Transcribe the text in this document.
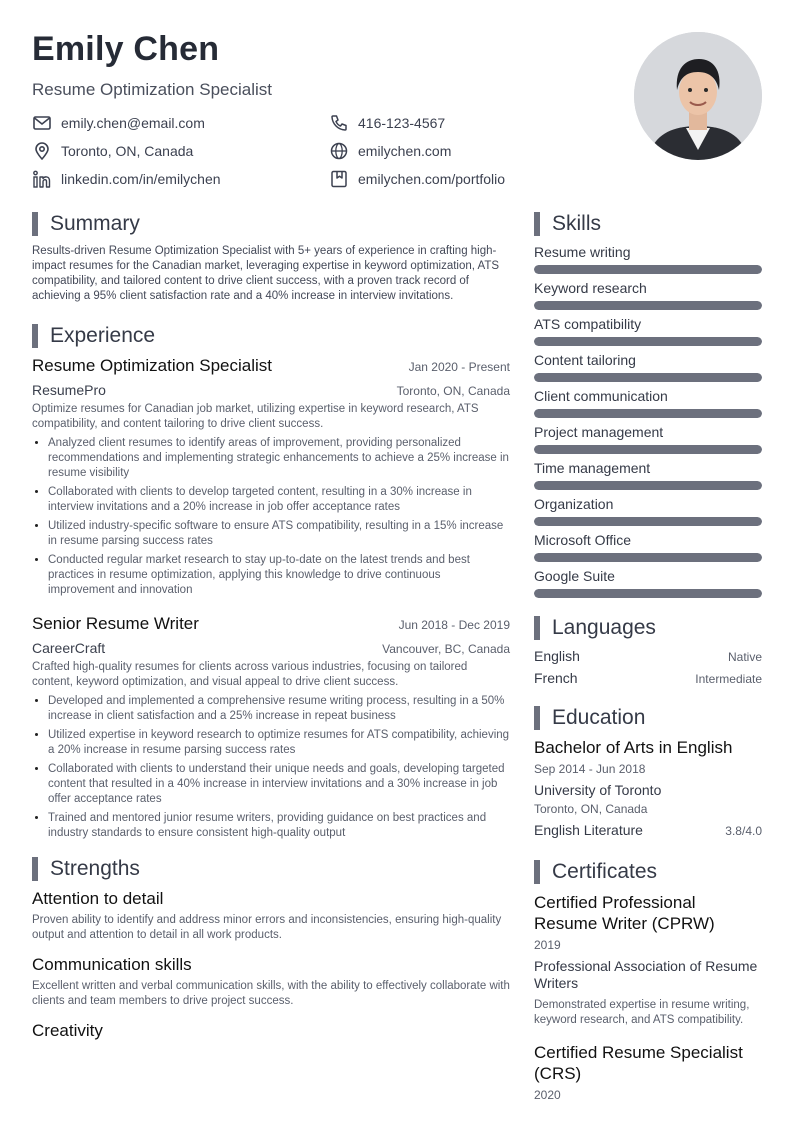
Emily Chen
Resume Optimization Specialist
emily.chen@email.com	416-123-4567
Toronto, ON, Canada	emilychen.com
linkedin.com/in/emilychen	emilychen.com/portfolio
Summary

Results-driven Resume Optimization Specialist with 5+ years of experience in crafting high-impact resumes for the Canadian market, leveraging expertise in keyword optimization, ATS compatibility, and tailored content to drive client success, with a proven track record of achieving a 95% client satisfaction rate and a 40% increase in interview invitations.

Experience
Resume Optimization Specialist	Jan 2020 - Present
ResumePro	Toronto, ON, Canada
Optimize resumes for Canadian job market, utilizing expertise in keyword research, ATS compatibility, and content tailoring to drive client success.
• Analyzed client resumes to identify areas of improvement, providing personalized recommendations and implementing strategic enhancements to achieve a 25% increase in resume visibility
• Collaborated with clients to develop targeted content, resulting in a 30% increase in interview invitations and a 20% increase in job offer acceptance rates
• Utilized industry-specific software to ensure ATS compatibility, resulting in a 15% increase in resume parsing success rates
• Conducted regular market research to stay up-to-date on the latest trends and best practices in resume optimization, applying this knowledge to drive continuous improvement and innovation
Senior Resume Writer	Jun 2018 - Dec 2019
CareerCraft	Vancouver, BC, Canada
Crafted high-quality resumes for clients across various industries, focusing on tailored content, keyword optimization, and visual appeal to drive client success.
• Developed and implemented a comprehensive resume writing process, resulting in a 50% increase in client satisfaction and a 25% increase in repeat business
• Utilized expertise in keyword research to optimize resumes for ATS compatibility, achieving a 20% increase in resume parsing success rates
• Collaborated with clients to understand their unique needs and goals, developing targeted content that resulted in a 40% increase in interview invitations and a 30% increase in job offer acceptance rates
• Trained and mentored junior resume writers, providing guidance on best practices and industry standards to ensure consistent high-quality output
Strengths
Attention to detail
Proven ability to identify and address minor errors and inconsistencies, ensuring high-quality output and attention to detail in all work products.
Communication skills
Excellent written and verbal communication skills, with the ability to effectively collaborate with clients and team members to drive project success.
Creativity
Skills
Resume writing
Keyword research
ATS compatibility
Content tailoring
Client communication
Project management
Time management
Organization
Microsoft Office
Google Suite
Languages
English	Native
French	Intermediate
Education
Bachelor of Arts in English
Sep 2014 - Jun 2018
University of Toronto
Toronto, ON, Canada
English Literature	3.8/4.0
Certificates
Certified Professional Resume Writer (CPRW)
2019
Professional Association of Resume Writers
Demonstrated expertise in resume writing, keyword research, and ATS compatibility.
Certified Resume Specialist (CRS)
2020
